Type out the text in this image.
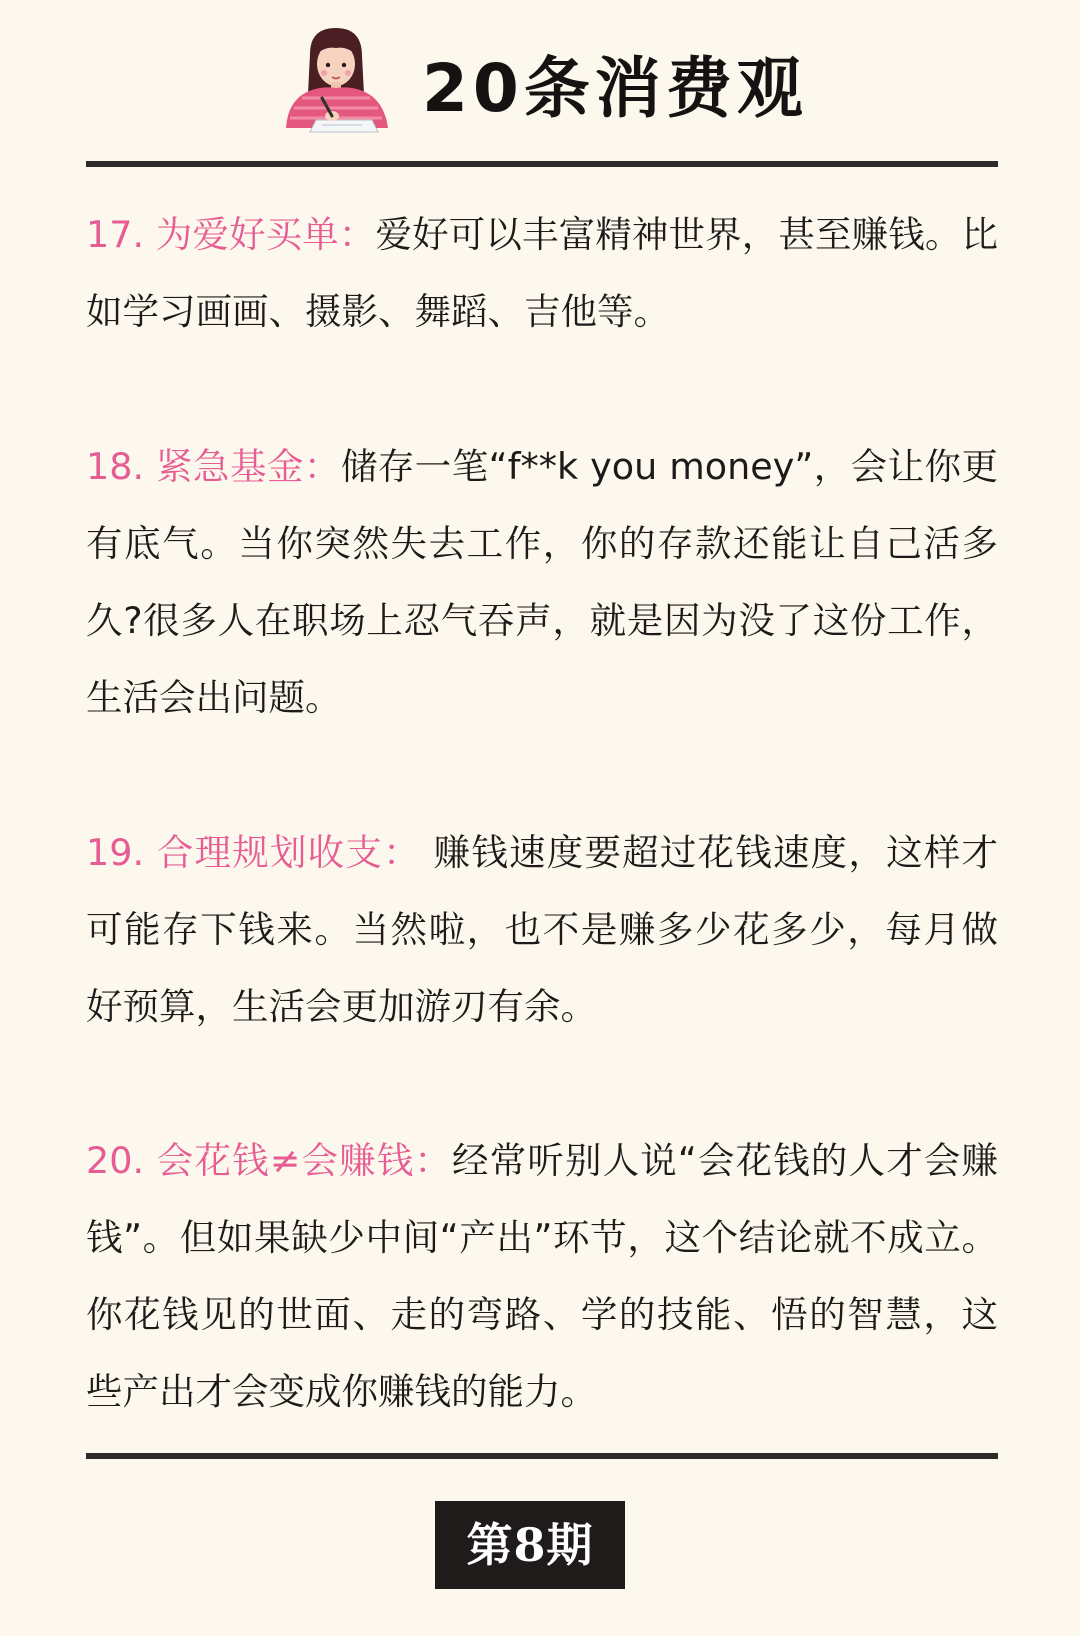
20条消费观
17. 为爱好买单：爱好可以丰富精神世界，甚至赚钱。比如学习画画、摄影、舞蹈、吉他等。
18. 紧急基金：储存一笔“f**k you money”，会让你更有底气。当你突然失去工作，你的存款还能让自己活多久?很多人在职场上忍气吞声，就是因为没了这份工作，生活会出问题。
19. 合理规划收支： 赚钱速度要超过花钱速度，这样才可能存下钱来。当然啦，也不是赚多少花多少，每月做好预算，生活会更加游刃有余。
20. 会花钱≠会赚钱：经常听别人说“会花钱的人才会赚钱”。但如果缺少中间“产出”环节，这个结论就不成立。你花钱见的世面、走的弯路、学的技能、悟的智慧，这些产出才会变成你赚钱的能力。
第8期
